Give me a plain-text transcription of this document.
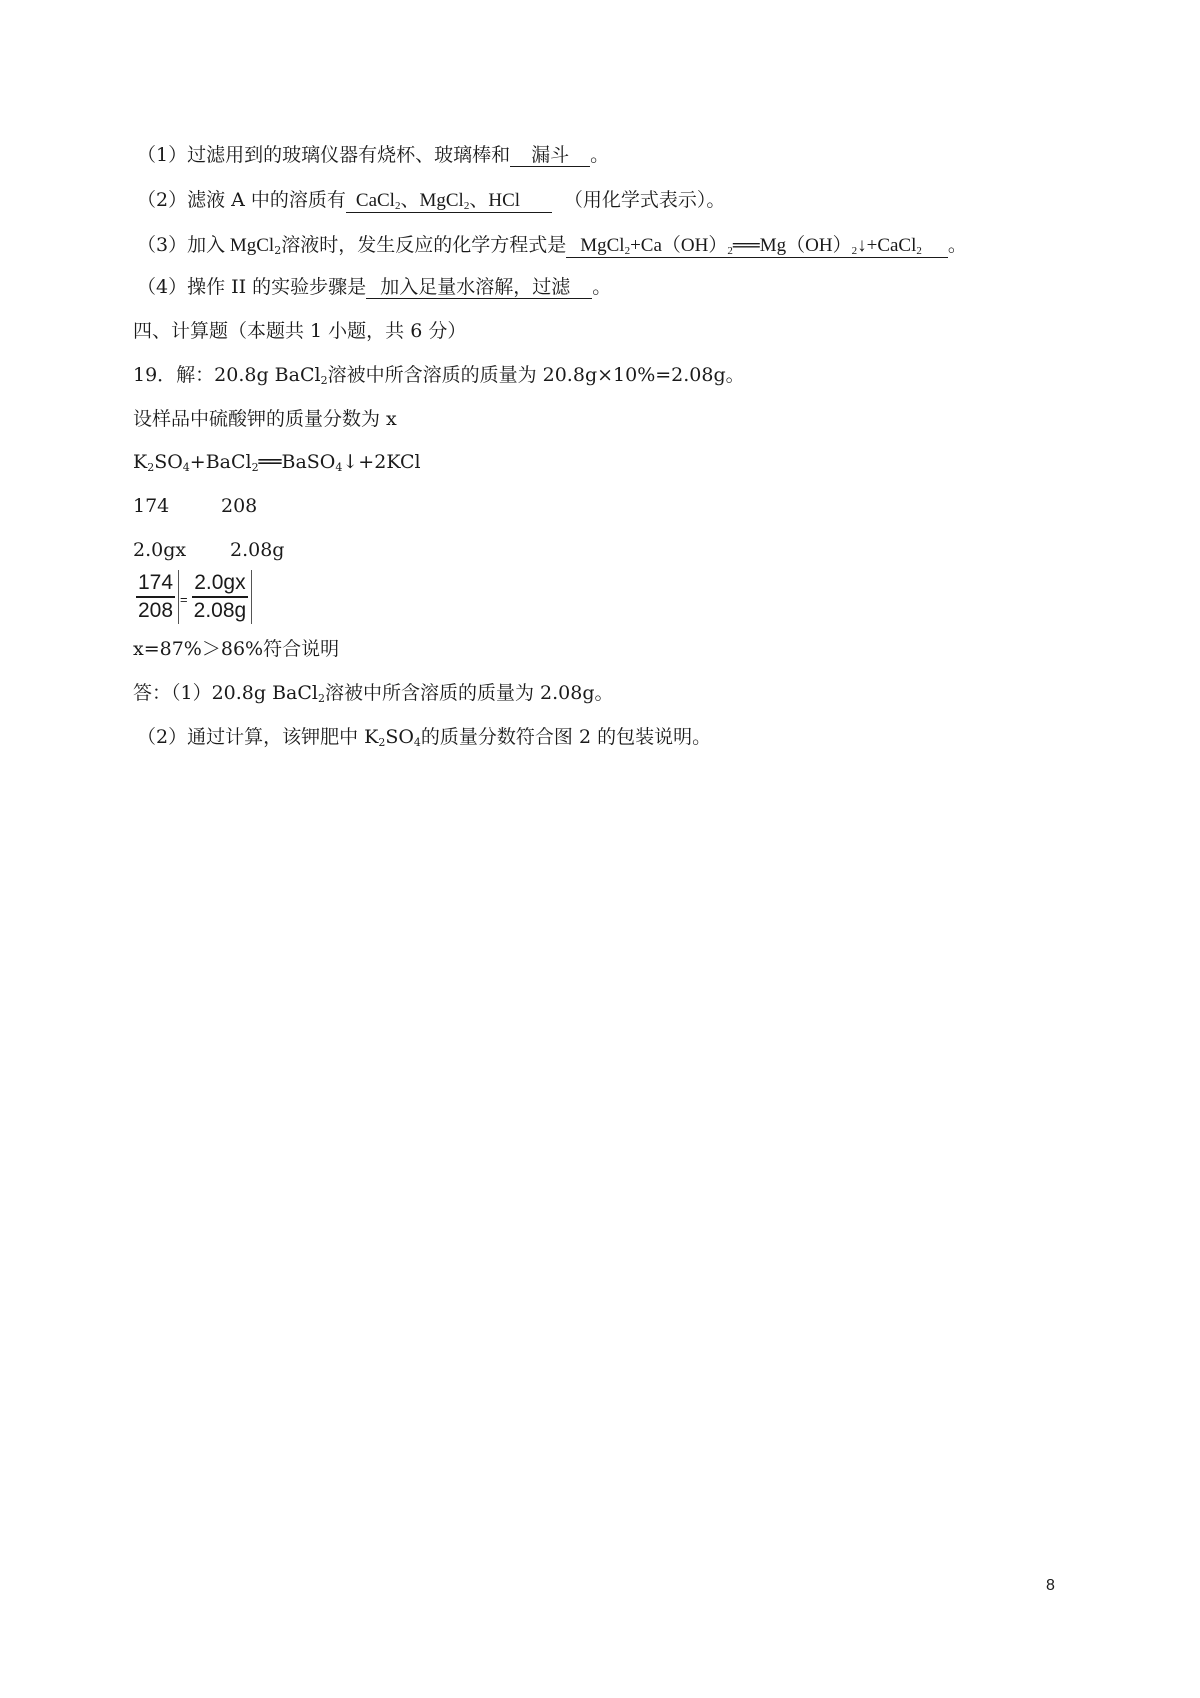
（1）过滤用到的玻璃仪器有烧杯、玻璃棒和 漏斗 。
（2）滤液 A 中的溶质有 CaCl$_2$、MgCl$_2$、HCl （用化学式表示）。
（3）加入 MgCl$_2$溶液时，发生反应的化学方程式是 $MgCl_2+Ca(OH)_2══Mg(OH)_2↓+CaCl_2$ 。
（4）操作 II 的实验步骤是 加入足量水溶解，过滤 。
四、计算题（本题共 1 小题，共 6 分）
19．解：20.8g BaCl$_2$溶被中所含溶质的质量为 20.8g×10%=2.08g。
设样品中硫酸钾的质量分数为 x
$K_2SO_4+BaCl_2══BaSO_4↓+2KCl$
174	208
2.0gx 2.08g
$\frac{174}{208} = \frac{2.0gx}{2.08g}$
x=87%＞86%符合说明
答：（1）20.8g BaCl$_2$溶被中所含溶质的质量为 2.08g。
（2）通过计算，该钾肥中 $K_2SO_4$的质量分数符合图 2 的包装说明。
8
